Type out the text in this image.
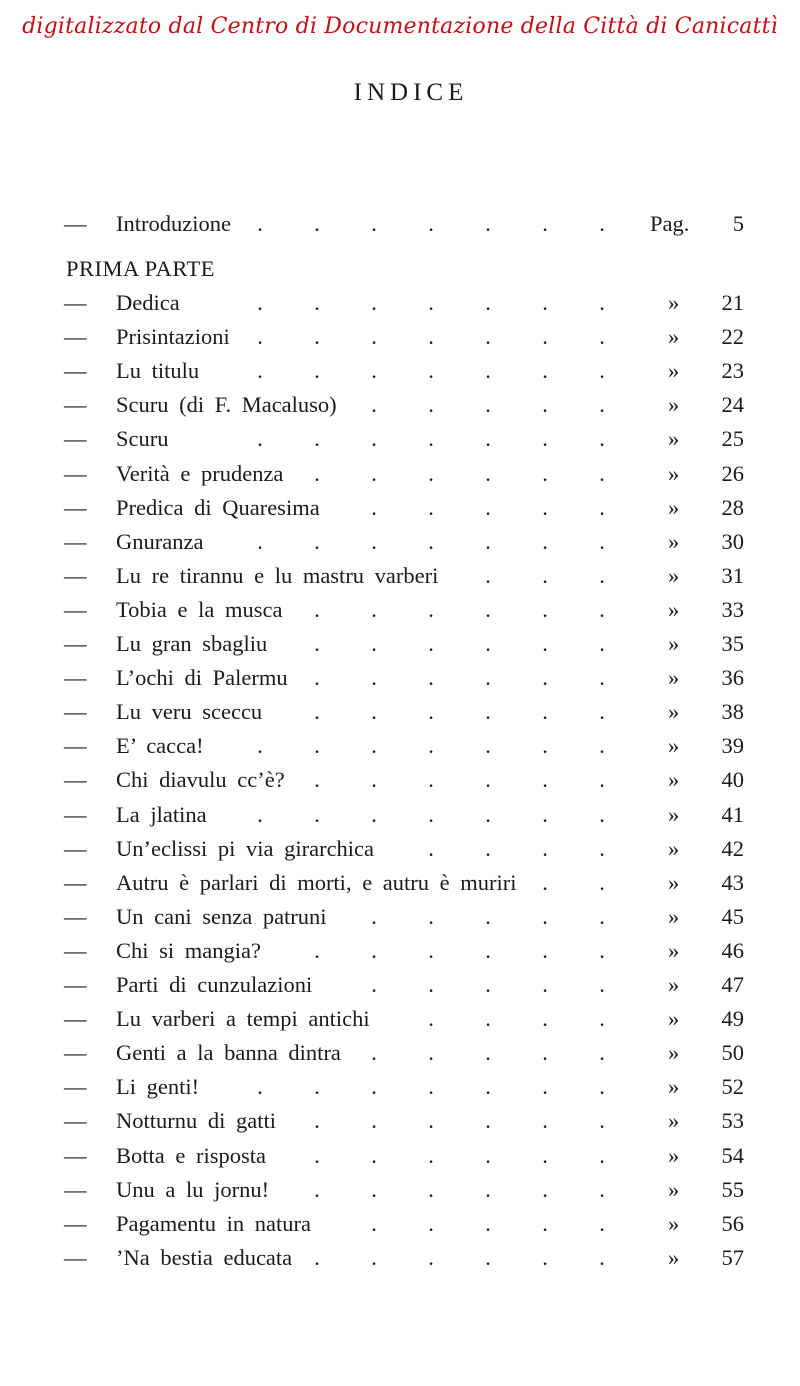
digitalizzato dal Centro di Documentazione della Città di Canicattì
INDICE
— Introduzione	Pag. 5
. . . . . . .
PRIMA PARTE
— Dedica	» 21
. . . . . . .
— Prisintazioni	» 22
. . . . . . .
— Lu titulu	» 23
. . . . . . .
— Scuru (di F. Macaluso)	» 24
. . . . .
— Scuru	» 25
. . . . . . .
— Verità e prudenza	» 26
. . . . . .
— Predica di Quaresima	» 28
. . . . .
— Gnuranza	» 30
. . . . . . .
— Lu re tirannu e lu mastru varberi	» 31
. . .
— Tobia e la musca	» 33
. . . . . .
— Lu gran sbagliu	» 35
. . . . . .
— L’ochi di Palermu	» 36
. . . . . .
— Lu veru sceccu	» 38
. . . . . .
— E’ cacca!	» 39
. . . . . . .
— Chi diavulu cc’è?	» 40
. . . . . .
— La jlatina	» 41
. . . . . . .
— Un’eclissi pi via girarchica	» 42
. . . .
— Autru è parlari di morti, e autru è muriri	» 43
. .
— Un cani senza patruni	» 45
. . . . .
— Chi si mangia?	» 46
. . . . . .
— Parti di cunzulazioni	» 47
. . . . .
— Lu varberi a tempi antichi	» 49
. . . .
— Genti a la banna dintra	» 50
. . . . .
— Li genti!	» 52
. . . . . . .
— Notturnu di gatti	» 53
. . . . . .
— Botta e risposta	» 54
. . . . . .
— Unu a lu jornu!	» 55
. . . . . .
— Pagamentu in natura	» 56
. . . . .
— ’Na bestia educata	» 57
. . . . . .
